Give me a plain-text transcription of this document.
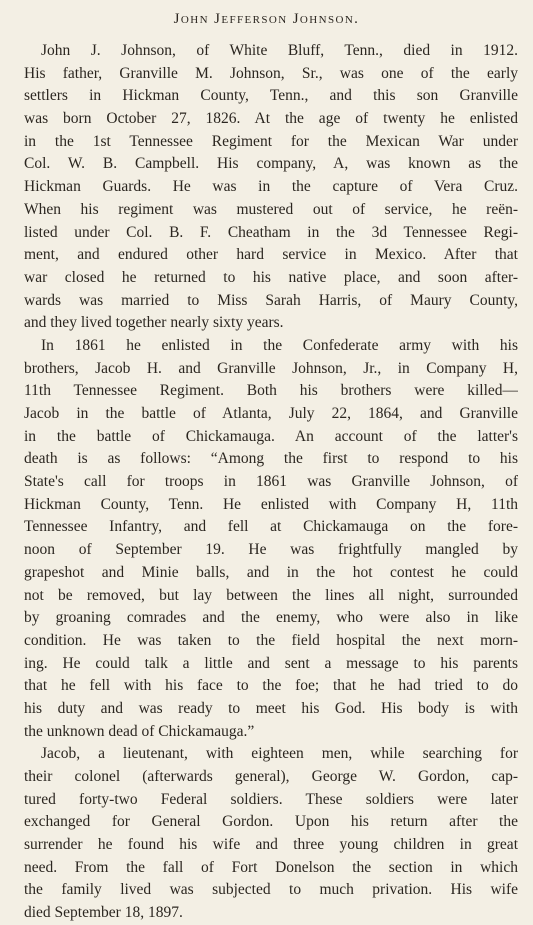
John Jefferson Johnson.
John J. Johnson, of White Bluff, Tenn., died in 1912.
His father, Granville M. Johnson, Sr., was one of the early
settlers in Hickman County, Tenn., and this son Granville
was born October 27, 1826. At the age of twenty he enlisted
in the 1st Tennessee Regiment for the Mexican War under
Col. W. B. Campbell. His company, A, was known as the
Hickman Guards. He was in the capture of Vera Cruz.
When his regiment was mustered out of service, he reën-
listed under Col. B. F. Cheatham in the 3d Tennessee Regi-
ment, and endured other hard service in Mexico. After that
war closed he returned to his native place, and soon after-
wards was married to Miss Sarah Harris, of Maury County,
and they lived together nearly sixty years.
In 1861 he enlisted in the Confederate army with his
brothers, Jacob H. and Granville Johnson, Jr., in Company H,
11th Tennessee Regiment. Both his brothers were killed—
Jacob in the battle of Atlanta, July 22, 1864, and Granville
in the battle of Chickamauga. An account of the latter's
death is as follows: “Among the first to respond to his
State's call for troops in 1861 was Granville Johnson, of
Hickman County, Tenn. He enlisted with Company H, 11th
Tennessee Infantry, and fell at Chickamauga on the fore-
noon of September 19. He was frightfully mangled by
grapeshot and Minie balls, and in the hot contest he could
not be removed, but lay between the lines all night, surrounded
by groaning comrades and the enemy, who were also in like
condition. He was taken to the field hospital the next morn-
ing. He could talk a little and sent a message to his parents
that he fell with his face to the foe; that he had tried to do
his duty and was ready to meet his God. His body is with
the unknown dead of Chickamauga.”
Jacob, a lieutenant, with eighteen men, while searching for
their colonel (afterwards general), George W. Gordon, cap-
tured forty-two Federal soldiers. These soldiers were later
exchanged for General Gordon. Upon his return after the
surrender he found his wife and three young children in great
need. From the fall of Fort Donelson the section in which
the family lived was subjected to much privation. His wife
died September 18, 1897.
